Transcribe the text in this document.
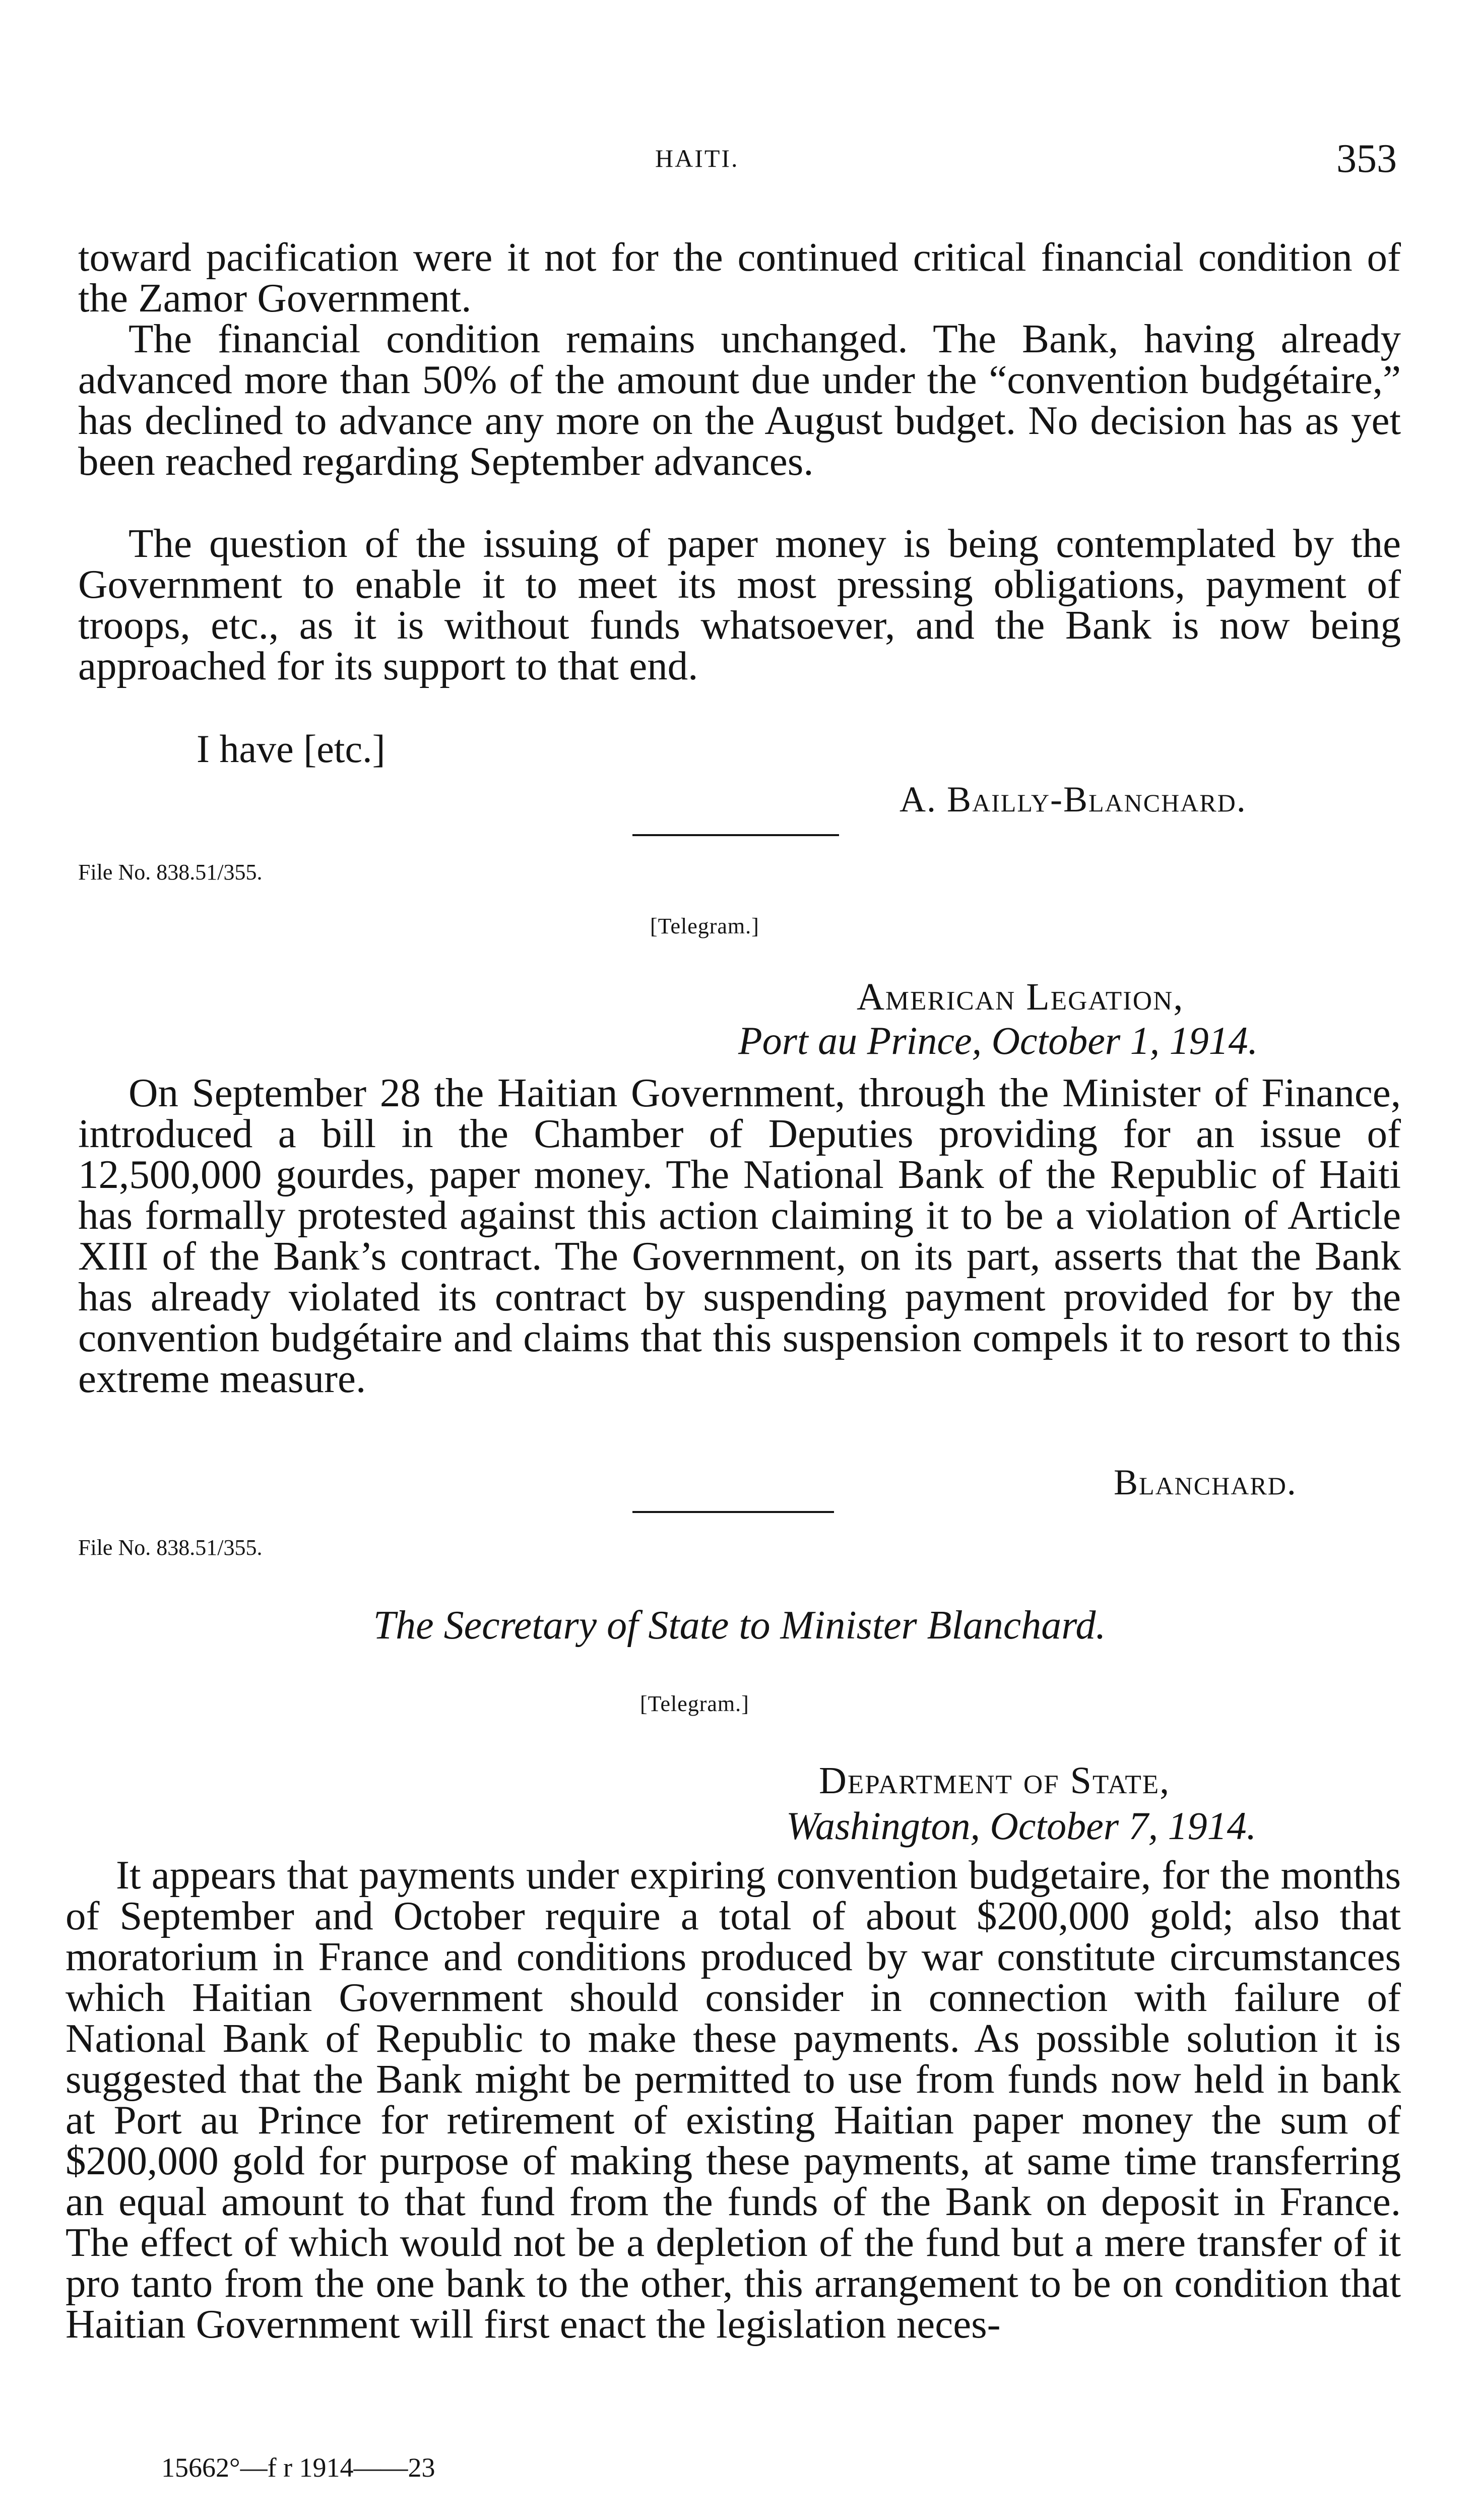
HAITI.	353

toward pacification were it not for the continued critical financial condition of the Zamor Government.

The financial condition remains unchanged. The Bank, having already advanced more than 50% of the amount due under the “convention budgétaire,” has declined to advance any more on the August budget. No decision has as yet been reached regarding September advances.

The question of the issuing of paper money is being contemplated by the Government to enable it to meet its most pressing obligations, payment of troops, etc., as it is without funds whatsoever, and the Bank is now being approached for its support to that end.

I have [etc.]
A. Bailly-Blanchard.
File No. 838.51/355.
[Telegram.]
American Legation,
Port au Prince, October 1, 1914.

On September 28 the Haitian Government, through the Minister of Finance, introduced a bill in the Chamber of Deputies providing for an issue of 12,500,000 gourdes, paper money. The National Bank of the Republic of Haiti has formally protested against this action claiming it to be a violation of Article XIII of the Bank’s contract. The Government, on its part, asserts that the Bank has already violated its contract by suspending payment provided for by the convention budgétaire and claims that this suspension compels it to resort to this extreme measure.

Blanchard.
File No. 838.51/355.
The Secretary of State to Minister Blanchard.
[Telegram.]
Department of State,
Washington, October 7, 1914.

It appears that payments under expiring convention budgetaire, for the months of September and October require a total of about $200,000 gold; also that moratorium in France and conditions produced by war constitute circumstances which Haitian Government should consider in connection with failure of National Bank of Republic to make these payments. As possible solution it is suggested that the Bank might be permitted to use from funds now held in bank at Port au Prince for retirement of existing Haitian paper money the sum of $200,000 gold for purpose of making these payments, at same time transferring an equal amount to that fund from the funds of the Bank on deposit in France. The effect of which would not be a depletion of the fund but a mere transfer of it pro tanto from the one bank to the other, this arrangement to be on condition that Haitian Government will first enact the legislation neces-

15662°—f r 1914——23
